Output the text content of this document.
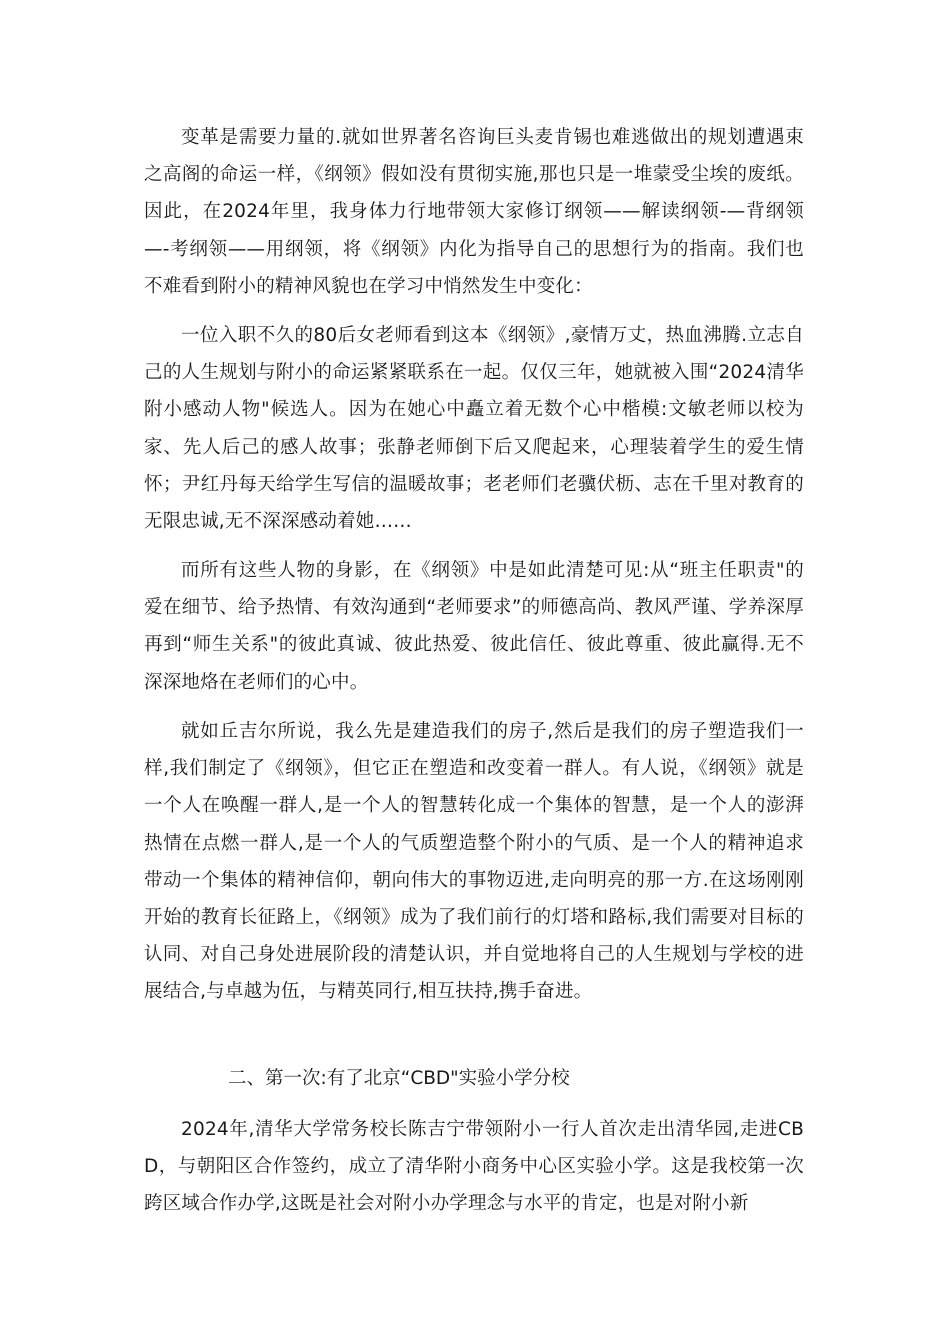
变革是需要力量的.就如世界著名咨询巨头麦肯锡也难逃做出的规划遭遇束之高阁的命运一样，《纲领》假如没有贯彻实施,那也只是一堆蒙受尘埃的废纸。因此，在2024年里，我身体力行地带领大家修订纲领——解读纲领-—背纲领—-考纲领——用纲领，将《纲领》内化为指导自己的思想行为的指南。我们也不难看到附小的精神风貌也在学习中悄然发生中变化：

一位入职不久的80后女老师看到这本《纲领》,豪情万丈，热血沸腾.立志自己的人生规划与附小的命运紧紧联系在一起。仅仅三年，她就被入围“2024清华附小感动人物"候选人。因为在她心中矗立着无数个心中楷模:文敏老师以校为家、先人后己的感人故事；张静老师倒下后又爬起来，心理装着学生的爱生情怀；尹红丹每天给学生写信的温暖故事；老老师们老骥伏枥、志在千里对教育的无限忠诚,无不深深感动着她……

而所有这些人物的身影，在《纲领》中是如此清楚可见:从“班主任职责"的爱在细节、给予热情、有效沟通到“老师要求”的师德高尚、教风严谨、学养深厚再到“师生关系"的彼此真诚、彼此热爱、彼此信任、彼此尊重、彼此赢得.无不深深地烙在老师们的心中。

就如丘吉尔所说，我么先是建造我们的房子,然后是我们的房子塑造我们一样,我们制定了《纲领》，但它正在塑造和改变着一群人。有人说，《纲领》就是一个人在唤醒一群人,是一个人的智慧转化成一个集体的智慧，是一个人的澎湃热情在点燃一群人,是一个人的气质塑造整个附小的气质、是一个人的精神追求带动一个集体的精神信仰，朝向伟大的事物迈进,走向明亮的那一方.在这场刚刚开始的教育长征路上，《纲领》成为了我们前行的灯塔和路标,我们需要对目标的认同、对自己身处进展阶段的清楚认识，并自觉地将自己的人生规划与学校的进展结合,与卓越为伍，与精英同行,相互扶持,携手奋进。

二、第一次:有了北京“CBD"实验小学分校

2024年,清华大学常务校长陈吉宁带领附小一行人首次走出清华园,走进CBD，与朝阳区合作签约，成立了清华附小商务中心区实验小学。这是我校第一次跨区域合作办学,这既是社会对附小办学理念与水平的肯定，也是对附小新
